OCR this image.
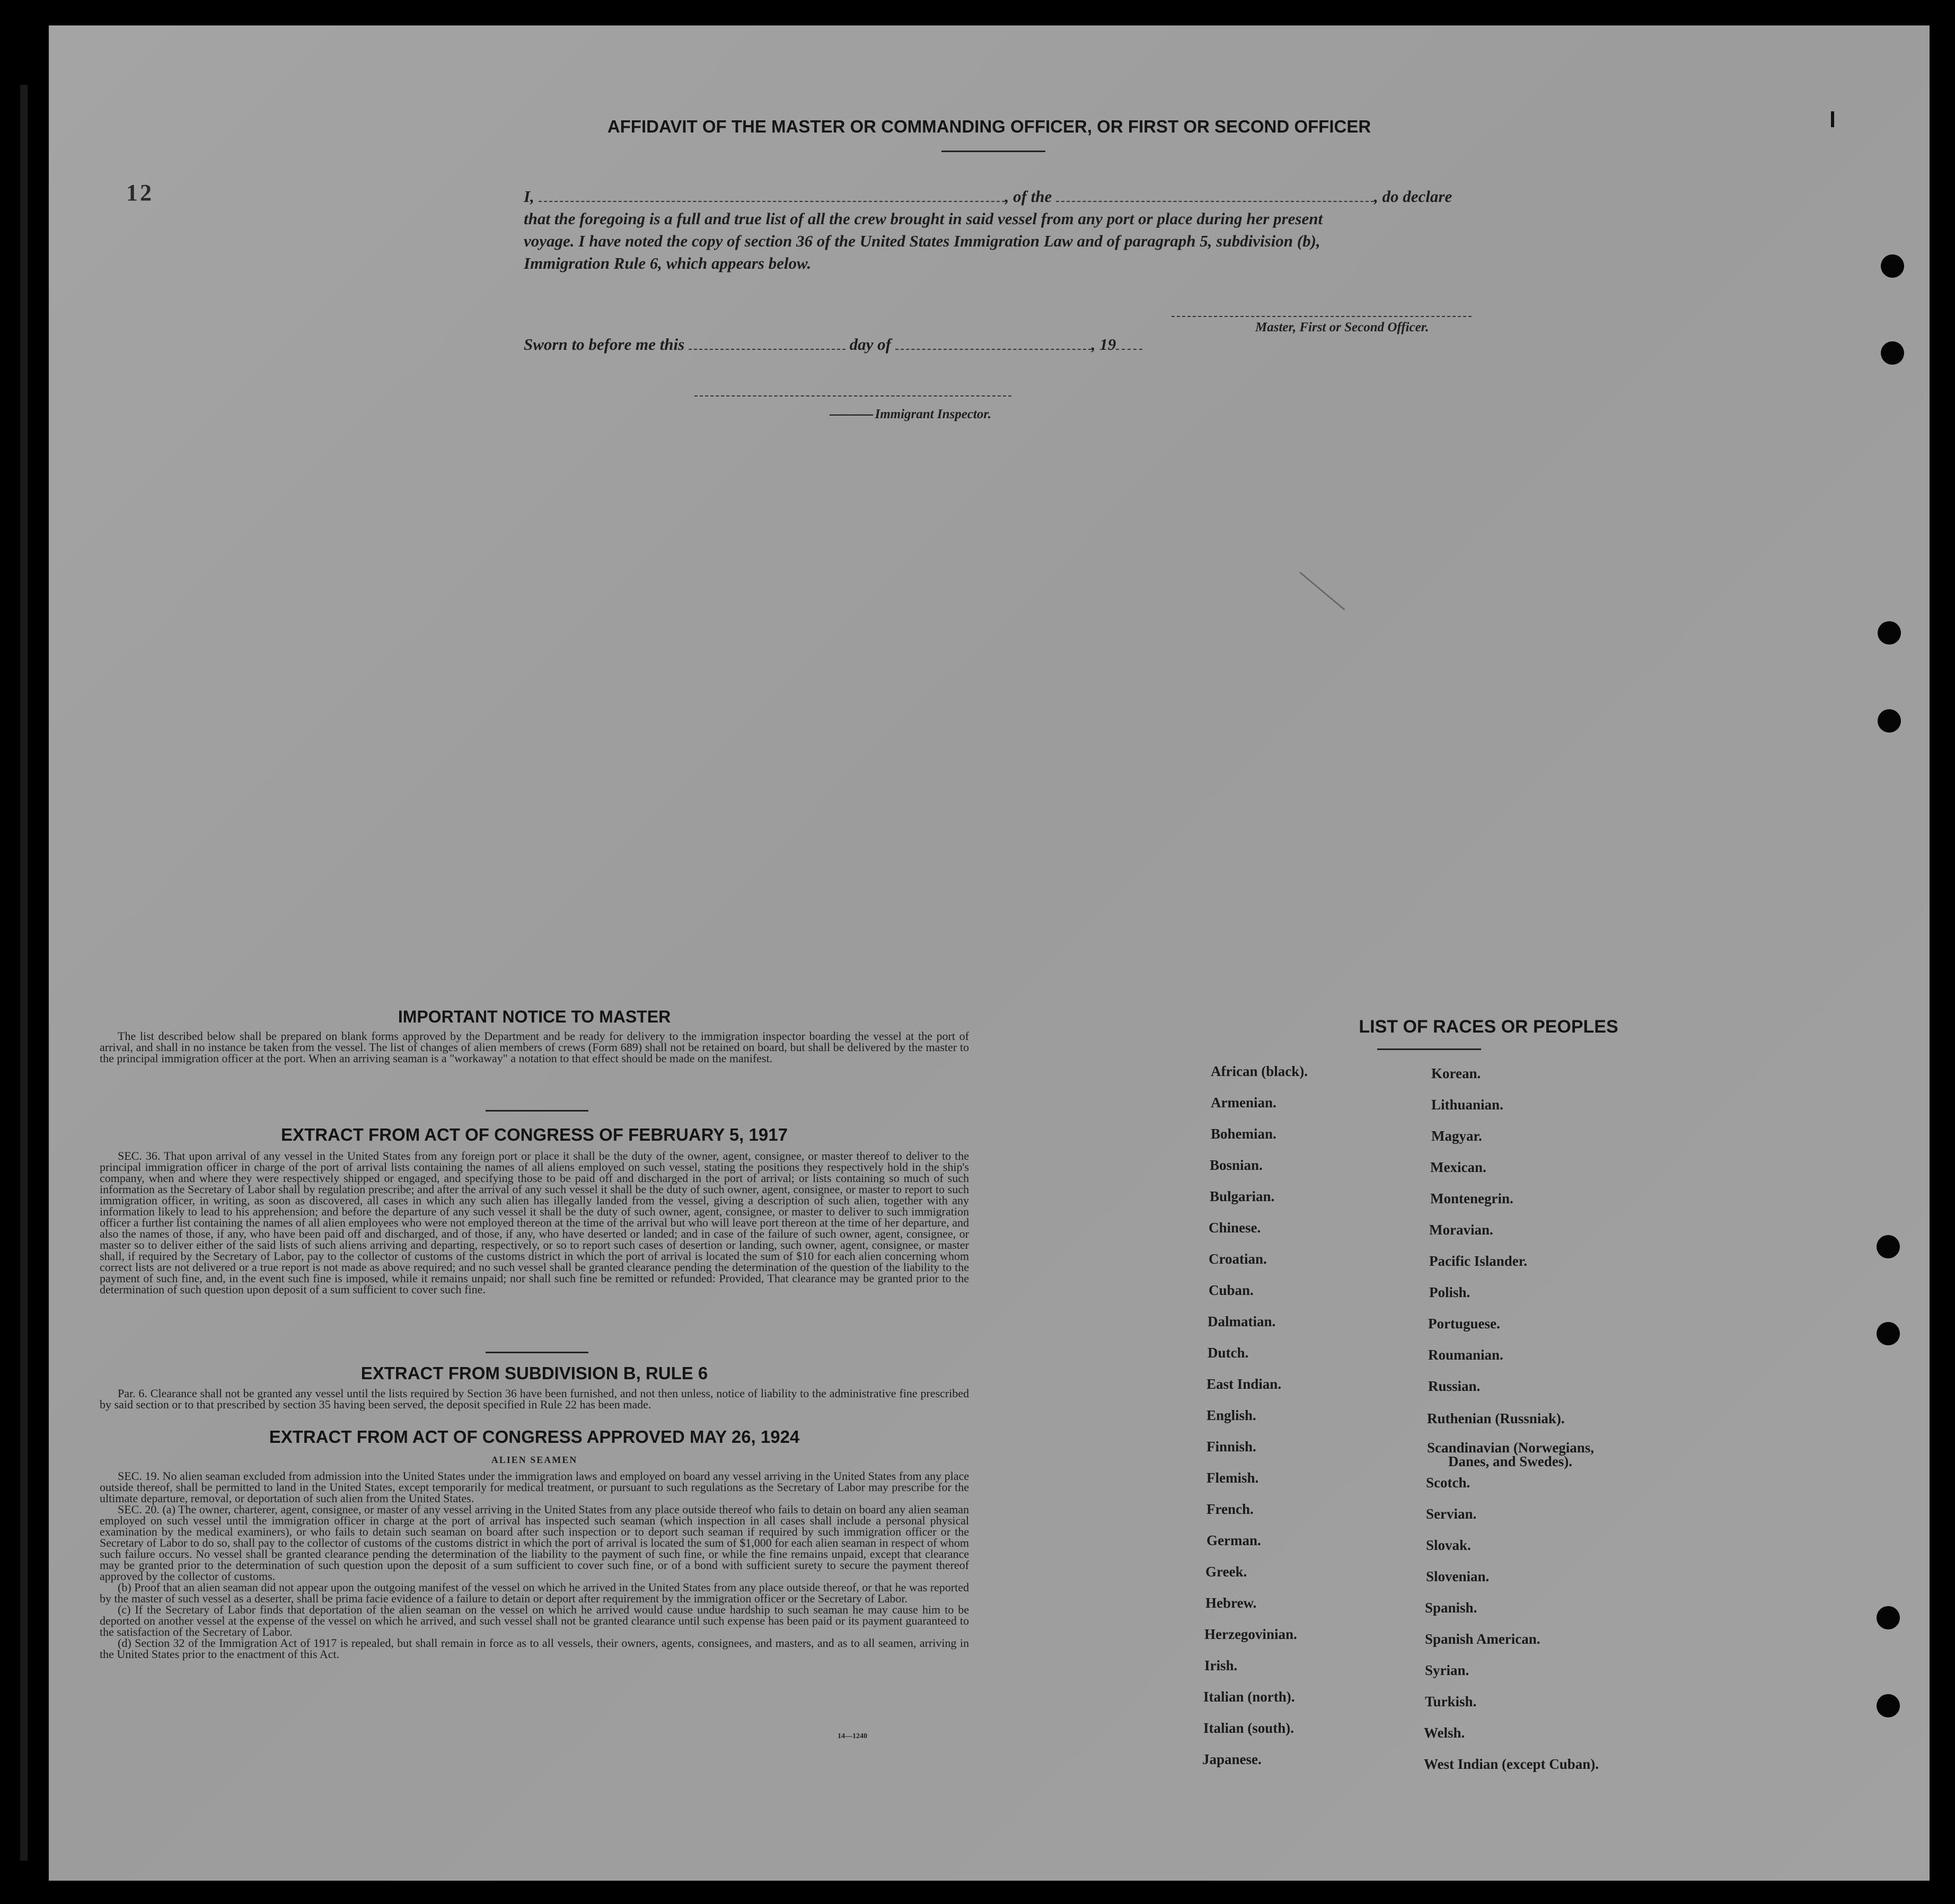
AFFIDAVIT OF THE MASTER OR COMMANDING OFFICER, OR FIRST OR SECOND OFFICER
12	I,	, of the	, do declare
that the foregoing is a full and true list of all the crew brought in said vessel from any port or place during her present
voyage. I have noted the copy of section 36 of the United States Immigration Law and of paragraph 5, subdivision (b),
Immigration Rule 6, which appears below.
Master, First or Second Officer.
Sworn to before me this	day of	, 19
------------- Immigrant Inspector.
IMPORTANT NOTICE TO MASTER

The list described below shall be prepared on blank forms approved by the Department and be ready for delivery to the immigration inspector boarding the vessel at the port of arrival, and shall in no instance be taken from the vessel. The list of changes of alien members of crews (Form 689) shall not be retained on board, but shall be delivered by the master to the principal immigration officer at the port. When an arriving seaman is a "workaway" a notation to that effect should be made on the manifest.

EXTRACT FROM ACT OF CONGRESS OF FEBRUARY 5, 1917

SEC. 36. That upon arrival of any vessel in the United States from any foreign port or place it shall be the duty of the owner, agent, consignee, or master thereof to deliver to the principal immigration officer in charge of the port of arrival lists containing the names of all aliens employed on such vessel, stating the positions they respectively hold in the ship's company, when and where they were respectively shipped or engaged, and specifying those to be paid off and discharged in the port of arrival; or lists containing so much of such information as the Secretary of Labor shall by regulation prescribe; and after the arrival of any such vessel it shall be the duty of such owner, agent, consignee, or master to report to such immigration officer, in writing, as soon as discovered, all cases in which any such alien has illegally landed from the vessel, giving a description of such alien, together with any information likely to lead to his apprehension; and before the departure of any such vessel it shall be the duty of such owner, agent, consignee, or master to deliver to such immigration officer a further list containing the names of all alien employees who were not employed thereon at the time of the arrival but who will leave port thereon at the time of her departure, and also the names of those, if any, who have been paid off and discharged, and of those, if any, who have deserted or landed; and in case of the failure of such owner, agent, consignee, or master so to deliver either of the said lists of such aliens arriving and departing, respectively, or so to report such cases of desertion or landing, such owner, agent, consignee, or master shall, if required by the Secretary of Labor, pay to the collector of customs of the customs district in which the port of arrival is located the sum of $10 for each alien concerning whom correct lists are not delivered or a true report is not made as above required; and no such vessel shall be granted clearance pending the determination of the question of the liability to the payment of such fine, and, in the event such fine is imposed, while it remains unpaid; nor shall such fine be remitted or refunded: Provided, That clearance may be granted prior to the determination of such question upon deposit of a sum sufficient to cover such fine.

EXTRACT FROM SUBDIVISION B, RULE 6

Par. 6. Clearance shall not be granted any vessel until the lists required by Section 36 have been furnished, and not then unless, notice of liability to the administrative fine prescribed by said section or to that prescribed by section 35 having been served, the deposit specified in Rule 22 has been made.

EXTRACT FROM ACT OF CONGRESS APPROVED MAY 26, 1924
ALIEN SEAMEN

SEC. 19. No alien seaman excluded from admission into the United States under the immigration laws and employed on board any vessel arriving in the United States from any place outside thereof, shall be permitted to land in the United States, except temporarily for medical treatment, or pursuant to such regulations as the Secretary of Labor may prescribe for the ultimate departure, removal, or deportation of such alien from the United States.

SEC. 20. (a) The owner, charterer, agent, consignee, or master of any vessel arriving in the United States from any place outside thereof who fails to detain on board any alien seaman employed on such vessel until the immigration officer in charge at the port of arrival has inspected such seaman (which inspection in all cases shall include a personal physical examination by the medical examiners), or who fails to detain such seaman on board after such inspection or to deport such seaman if required by such immigration officer or the Secretary of Labor to do so, shall pay to the collector of customs of the customs district in which the port of arrival is located the sum of $1,000 for each alien seaman in respect of whom such failure occurs. No vessel shall be granted clearance pending the determination of the liability to the payment of such fine, or while the fine remains unpaid, except that clearance may be granted prior to the determination of such question upon the deposit of a sum sufficient to cover such fine, or of a bond with sufficient surety to secure the payment thereof approved by the collector of customs.

(b) Proof that an alien seaman did not appear upon the outgoing manifest of the vessel on which he arrived in the United States from any place outside thereof, or that he was reported by the master of such vessel as a deserter, shall be prima facie evidence of a failure to detain or deport after requirement by the immigration officer or the Secretary of Labor.

(c) If the Secretary of Labor finds that deportation of the alien seaman on the vessel on which he arrived would cause undue hardship to such seaman he may cause him to be deported on another vessel at the expense of the vessel on which he arrived, and such vessel shall not be granted clearance until such expense has been paid or its payment guaranteed to the satisfaction of the Secretary of Labor.

(d) Section 32 of the Immigration Act of 1917 is repealed, but shall remain in force as to all vessels, their owners, agents, consignees, and masters, and as to all seamen, arriving in the United States prior to the enactment of this Act.

14—1240
LIST OF RACES OR PEOPLES
African (black).
Armenian.
Bohemian.
Bosnian.
Bulgarian.
Chinese.
Croatian.
Cuban.
Dalmatian.
Dutch.
East Indian.
English.
Finnish.
Flemish.
French.
German.
Greek.
Hebrew.
Herzegovinian.
Irish.
Italian (north).
Italian (south).
Japanese.
Korean.
Lithuanian.
Magyar.
Mexican.
Montenegrin.
Moravian.
Pacific Islander.
Polish.
Portuguese.
Roumanian.
Russian.
Ruthenian (Russniak).
Scandinavian (Norwegians,
Danes, and Swedes).
Scotch.
Servian.
Slovak.
Slovenian.
Spanish.
Spanish American.
Syrian.
Turkish.
Welsh.
West Indian (except Cuban).
